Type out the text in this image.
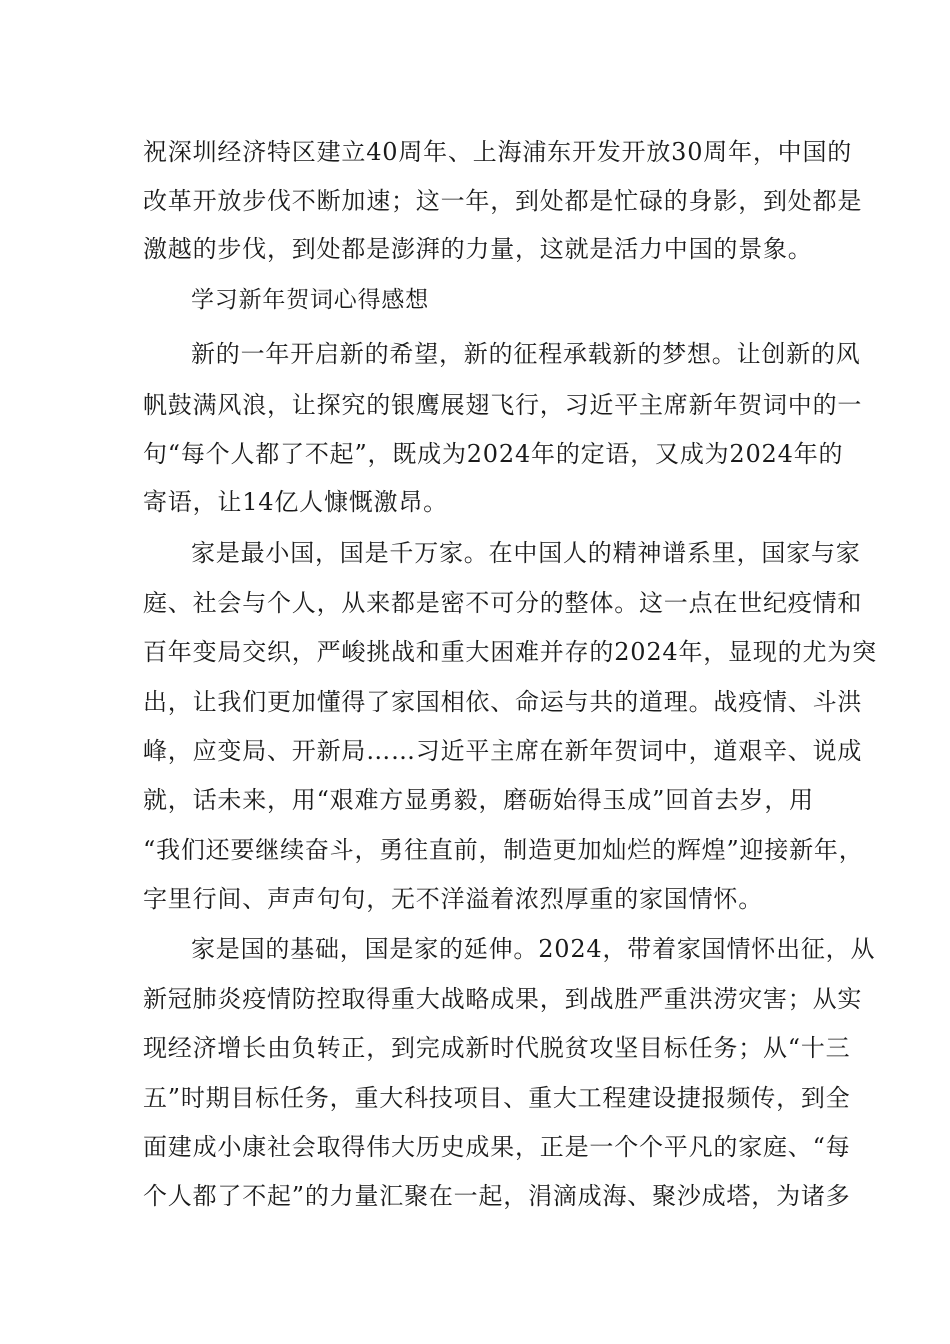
祝深圳经济特区建立40周年、上海浦东开发开放30周年，中国的
改革开放步伐不断加速；这一年，到处都是忙碌的身影，到处都是
激越的步伐，到处都是澎湃的力量，这就是活力中国的景象。
学习新年贺词心得感想
新的一年开启新的希望，新的征程承载新的梦想。让创新的风
帆鼓满风浪，让探究的银鹰展翅飞行，习近平主席新年贺词中的一
句“每个人都了不起”，既成为2024年的定语，又成为2024年的
寄语，让14亿人慷慨激昂。
家是最小国，国是千万家。在中国人的精神谱系里，国家与家
庭、社会与个人，从来都是密不可分的整体。这一点在世纪疫情和
百年变局交织，严峻挑战和重大困难并存的2024年，显现的尤为突
出，让我们更加懂得了家国相依、命运与共的道理。战疫情、斗洪
峰，应变局、开新局……习近平主席在新年贺词中，道艰辛、说成
就，话未来，用“艰难方显勇毅，磨砺始得玉成”回首去岁，用
“我们还要继续奋斗，勇往直前，制造更加灿烂的辉煌”迎接新年，
字里行间、声声句句，无不洋溢着浓烈厚重的家国情怀。
家是国的基础，国是家的延伸。2024，带着家国情怀出征，从
新冠肺炎疫情防控取得重大战略成果，到战胜严重洪涝灾害；从实
现经济增长由负转正，到完成新时代脱贫攻坚目标任务；从“十三
五”时期目标任务，重大科技项目、重大工程建设捷报频传，到全
面建成小康社会取得伟大历史成果，正是一个个平凡的家庭、“每
个人都了不起”的力量汇聚在一起，涓滴成海、聚沙成塔，为诸多
